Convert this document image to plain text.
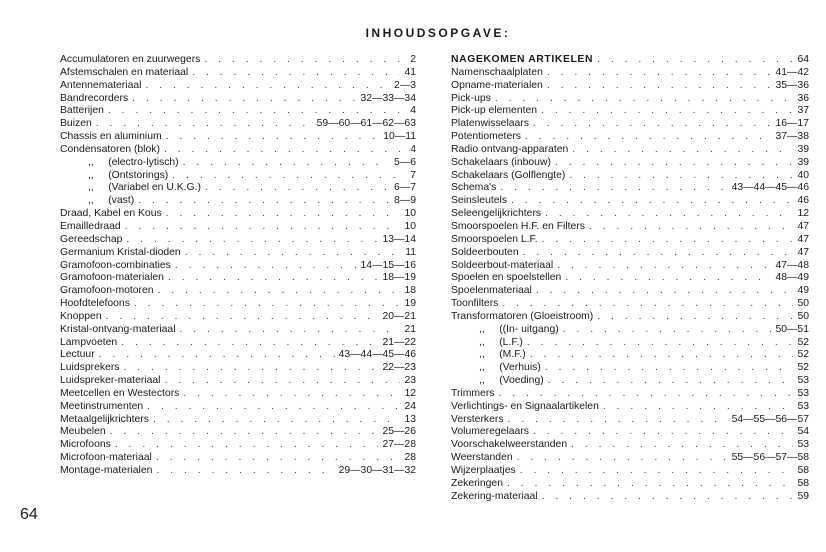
INHOUDSOPGAVE:
Accumulatoren en zuurwegers . . .	2
Afstemschalen en materiaal . . .	41
Antennemateriaal . . .	2—3
Bandrecorders . . .	32—33—34
Batterijen . . .	4
Buizen . . .	59—60—61—62—63
Chassis en aluminium . . .	10—11
Condensatoren (blok) . . .	4
,,     (electro-lytisch) . . .	5—6
,,     (Ontstorings) . . .	7
,,     (Variabel en U.K.G.) . . .	6—7
,,     (vast) . . .	8—9
Draad, Kabel en Kous . . .	10
Emailledraad . . .	10
Gereedschap . . .	13—14
Germanium Kristal-dioden . . .	11
Gramofoon-combinaties . . .	14—15—16
Gramofoon-materialen . . .	18—19
Gramofoon-motoren . . .	18
Hoofdtelefoons . . .	19
Knoppen . . .	20—21
Kristal-ontvang-materiaal . . .	21
Lampvoeten . . .	21—22
Lectuur . . .	43—44—45—46
Luidsprekers . . .	22—23
Luidspreker-materiaal . . .	23
Meetcellen en Westectors . . .	12
Meetinstrumenten . . .	24
Metaalgelijkrichters . . .	13
Meubelen . . .	25—26
Microfoons . . .	27—28
Microfoon-materiaal . . .	28
Montage-materialen . . .	29—30—31—32
NAGEKOMEN ARTIKELEN . . .	64
Namenschaalplaten . . .	41—42
Opname-materialen . . .	35—36
Pick-ups . . .	36
Pick-up elementen . . .	37
Platenwisselaars . . .	16—17
Potentiometers . . .	37—38
Radio ontvang-apparaten . . .	39
Schakelaars (inbouw) . . .	39
Schakelaars (Golflengte) . . .	40
Schema's . . .	43—44—45—46
Seinsleutels . . .	46
Seleengelijkrichters . . .	12
Smoorspoelen H.F. en Filters . . .	47
Smoorspoelen L.F. . . .	47
Soldeerbouten . . .	47
Soldeerbout-materiaal . . .	47—48
Spoelen en spoelstellen . . .	48—49
Spoelenmateriaal . . .	49
Toonfilters . . .	50
Transformatoren (Gloeistroom) . . .	50
,,     ((In- uitgang) . . .	50—51
,,     (L.F.) . . .	52
,,     (M.F.) . . .	52
,,     (Verhuis) . . .	52
,,     (Voeding) . . .	53
Trimmers . . .	53
Verlichtings- en Signaalartikelen . . .	53
Versterkers . . .	54—55—56—57
Volumeregelaars . . .	54
Voorschakelweerstanden . . .	53
Weerstanden . . .	55—56—57—58
Wijzerplaatjes . . .	58
Zekeringen . . .	58
Zekering-materiaal . . .	59
64
